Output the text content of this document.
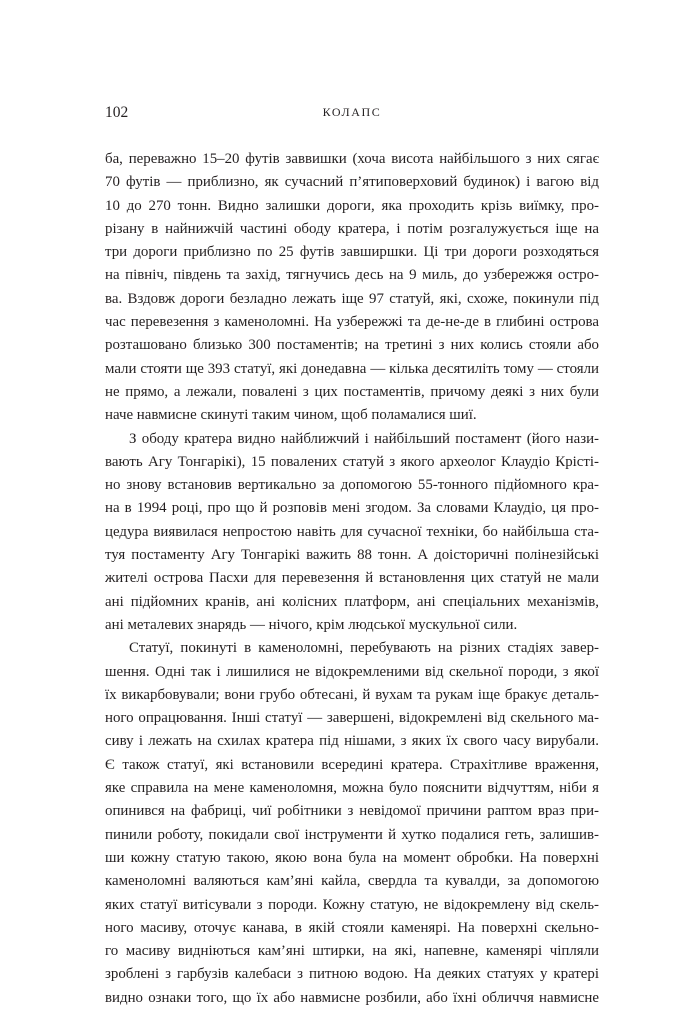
102	КОЛАПС
ба, переважно 15–20 футів заввишки (хоча висота найбільшого з них сягає
70 футів — приблизно, як сучасний п’ятиповерховий будинок) і вагою від
10 до 270 тонн. Видно залишки дороги, яка проходить крізь виїмку, про-
різану в найнижчій частині ободу кратера, і потім розгалужується іще на
три дороги приблизно по 25 футів завширшки. Ці три дороги розходяться
на північ, південь та захід, тягнучись десь на 9 миль, до узбережжя остро-
ва. Вздовж дороги безладно лежать іще 97 статуй, які, схоже, покинули під
час перевезення з каменоломні. На узбережжі та де-не-де в глибині острова
розташовано близько 300 постаментів; на третині з них колись стояли або
мали стояти ще 393 статуї, які донедавна — кілька десятиліть тому — стояли
не прямо, а лежали, повалені з цих постаментів, причому деякі з них були
наче навмисне скинуті таким чином, щоб поламалися шиї.
З ободу кратера видно найближчий і найбільший постамент (його нази-
вають Агу Тонгарікі), 15 повалених статуй з якого археолог Клаудіо Крісті-
но знову встановив вертикально за допомогою 55-тонного підйомного кра-
на в 1994 році, про що й розповів мені згодом. За словами Клаудіо, ця про-
цедура виявилася непростою навіть для сучасної техніки, бо найбільша ста-
туя постаменту Агу Тонгарікі важить 88 тонн. А доісторичні полінезійські
жителі острова Пасхи для перевезення й встановлення цих статуй не мали
ані підйомних кранів, ані колісних платформ, ані спеціальних механізмів,
ані металевих знарядь — нічого, крім людської мускульної сили.
Статуї, покинуті в каменоломні, перебувають на різних стадіях завер-
шення. Одні так і лишилися не відокремленими від скельної породи, з якої
їх викарбовували; вони грубо обтесані, й вухам та рукам іще бракує деталь-
ного опрацювання. Інші статуї — завершені, відокремлені від скельного ма-
сиву і лежать на схилах кратера під нішами, з яких їх свого часу вирубали.
Є також статуї, які встановили всередині кратера. Страхітливе враження,
яке справила на мене каменоломня, можна було пояснити відчуттям, ніби я
опинився на фабриці, чиї робітники з невідомої причини раптом враз при-
пинили роботу, покидали свої інструменти й хутко подалися геть, залишив-
ши кожну статую такою, якою вона була на момент обробки. На поверхні
каменоломні валяються кам’яні кайла, свердла та кувалди, за допомогою
яких статуї витісували з породи. Кожну статую, не відокремлену від скель-
ного масиву, оточує канава, в якій стояли каменярі. На поверхні скельно-
го масиву видніються кам’яні штирки, на які, напевне, каменярі чіпляли
зроблені з гарбузів калебаси з питною водою. На деяких статуях у кратері
видно ознаки того, що їх або навмисне розбили, або їхні обличчя навмисне
